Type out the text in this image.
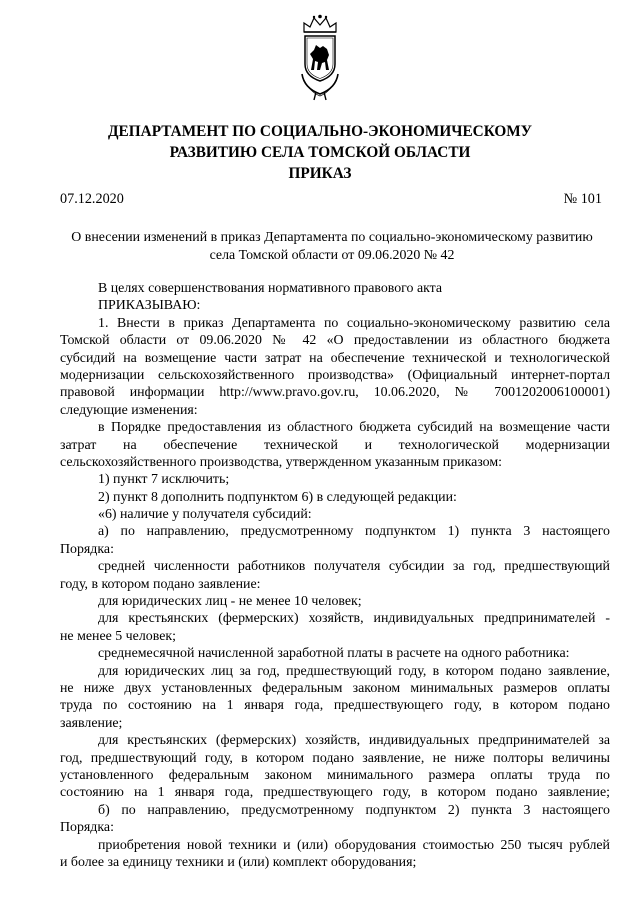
ДЕПАРТАМЕНТ ПО СОЦИАЛЬНО-ЭКОНОМИЧЕСКОМУ
РАЗВИТИЮ СЕЛА ТОМСКОЙ ОБЛАСТИ
ПРИКАЗ
07.12.2020	№ 101
О внесении изменений в приказ Департамента по социально-экономическому развитию
села Томской области от 09.06.2020 № 42
В целях совершенствования нормативного правового акта
ПРИКАЗЫВАЮ:
1. Внести в приказ Департамента по социально-экономическому развитию села
Томской области от 09.06.2020 № 42 «О предоставлении из областного бюджета
субсидий на возмещение части затрат на обеспечение технической и технологической
модернизации сельскохозяйственного производства» (Официальный интернет-портал
правовой информации http://www.pravo.gov.ru, 10.06.2020, № 7001202006100001)
следующие изменения:
в Порядке предоставления из областного бюджета субсидий на возмещение части
затрат на обеспечение технической и технологической модернизации
сельскохозяйственного производства, утвержденном указанным приказом:
1) пункт 7 исключить;
2) пункт 8 дополнить подпунктом 6) в следующей редакции:
«6) наличие у получателя субсидий:
а) по направлению, предусмотренному подпунктом 1) пункта 3 настоящего
Порядка:
средней численности работников получателя субсидии за год, предшествующий
году, в котором подано заявление:
для юридических лиц - не менее 10 человек;
для крестьянских (фермерских) хозяйств, индивидуальных предпринимателей -
не менее 5 человек;
среднемесячной начисленной заработной платы в расчете на одного работника:
для юридических лиц за год, предшествующий году, в котором подано заявление,
не ниже двух установленных федеральным законом минимальных размеров оплаты
труда по состоянию на 1 января года, предшествующего году, в котором подано
заявление;
для крестьянских (фермерских) хозяйств, индивидуальных предпринимателей за
год, предшествующий году, в котором подано заявление, не ниже полторы величины
установленного федеральным законом минимального размера оплаты труда по
состоянию на 1 января года, предшествующего году, в котором подано заявление;
б) по направлению, предусмотренному подпунктом 2) пункта 3 настоящего
Порядка:
приобретения новой техники и (или) оборудования стоимостью 250 тысяч рублей
и более за единицу техники и (или) комплект оборудования;
